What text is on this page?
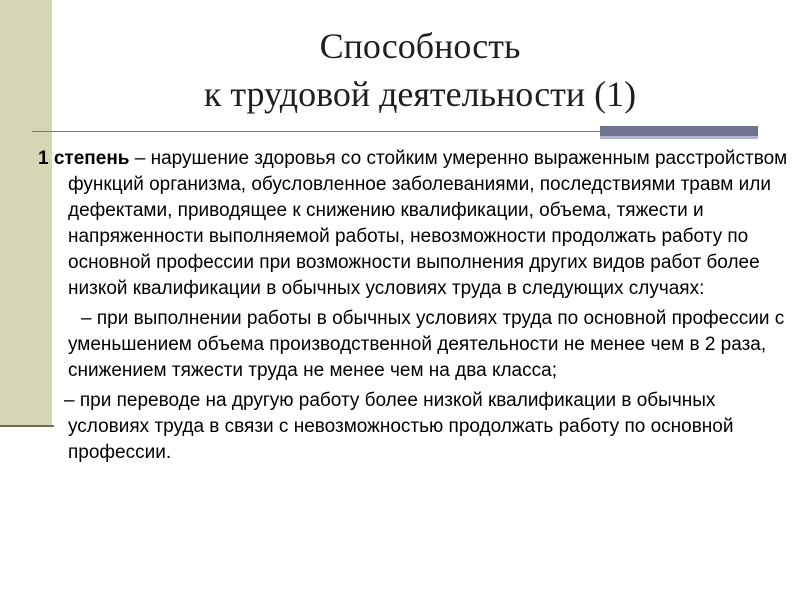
Способность
к трудовой деятельности (1)

1 степень – нарушение здоровья со стойким умеренно выраженным расстройством функций организма, обусловленное заболеваниями, последствиями травм или дефектами, приводящее к снижению квалификации, объема, тяжести и напряженности выполняемой работы, невозможности продолжать работу по основной профессии при возможности выполнения других видов работ более низкой квалификации в обычных условиях труда в следующих случаях:

– при выполнении работы в обычных условиях труда по основной профессии с уменьшением объема производственной деятельности не менее чем в 2 раза, снижением тяжести труда не менее чем на два класса;

– при переводе на другую работу более низкой квалификации в обычных условиях труда в связи с невозможностью продолжать работу по основной профессии.
